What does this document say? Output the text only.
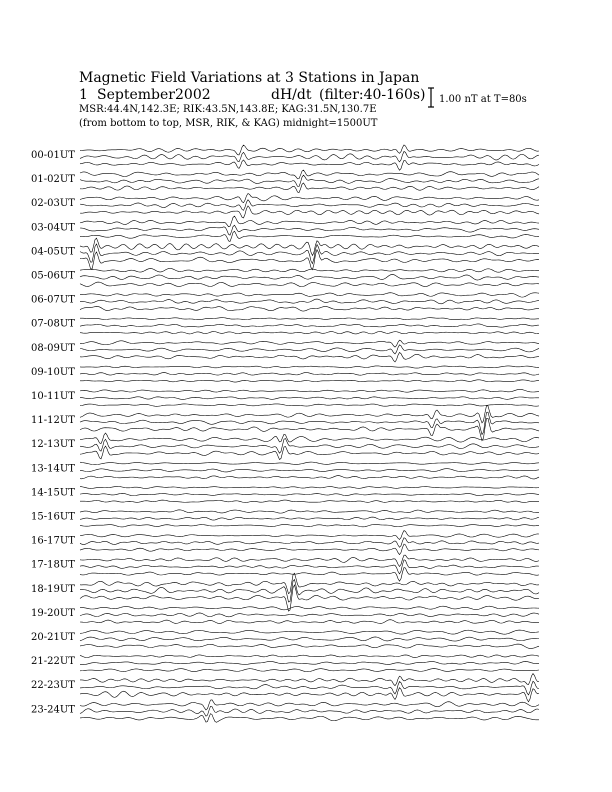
Magnetic Field Variations at 3 Stations in Japan
1 September 2002	dH/dt (filter:40-160s)
MSR:44.4N,142.3E; RIK:43.5N,143.8E; KAG:31.5N,130.7E
(from bottom to top, MSR, RIK, & KAG) midnight=1500UT
1.00 nT at T=80s
00-01UT
01-02UT
02-03UT
03-04UT
04-05UT
05-06UT
06-07UT
07-08UT
08-09UT
09-10UT
10-11UT
11-12UT
12-13UT
13-14UT
14-15UT
15-16UT
16-17UT
17-18UT
18-19UT
19-20UT
20-21UT
21-22UT
22-23UT
23-24UT
